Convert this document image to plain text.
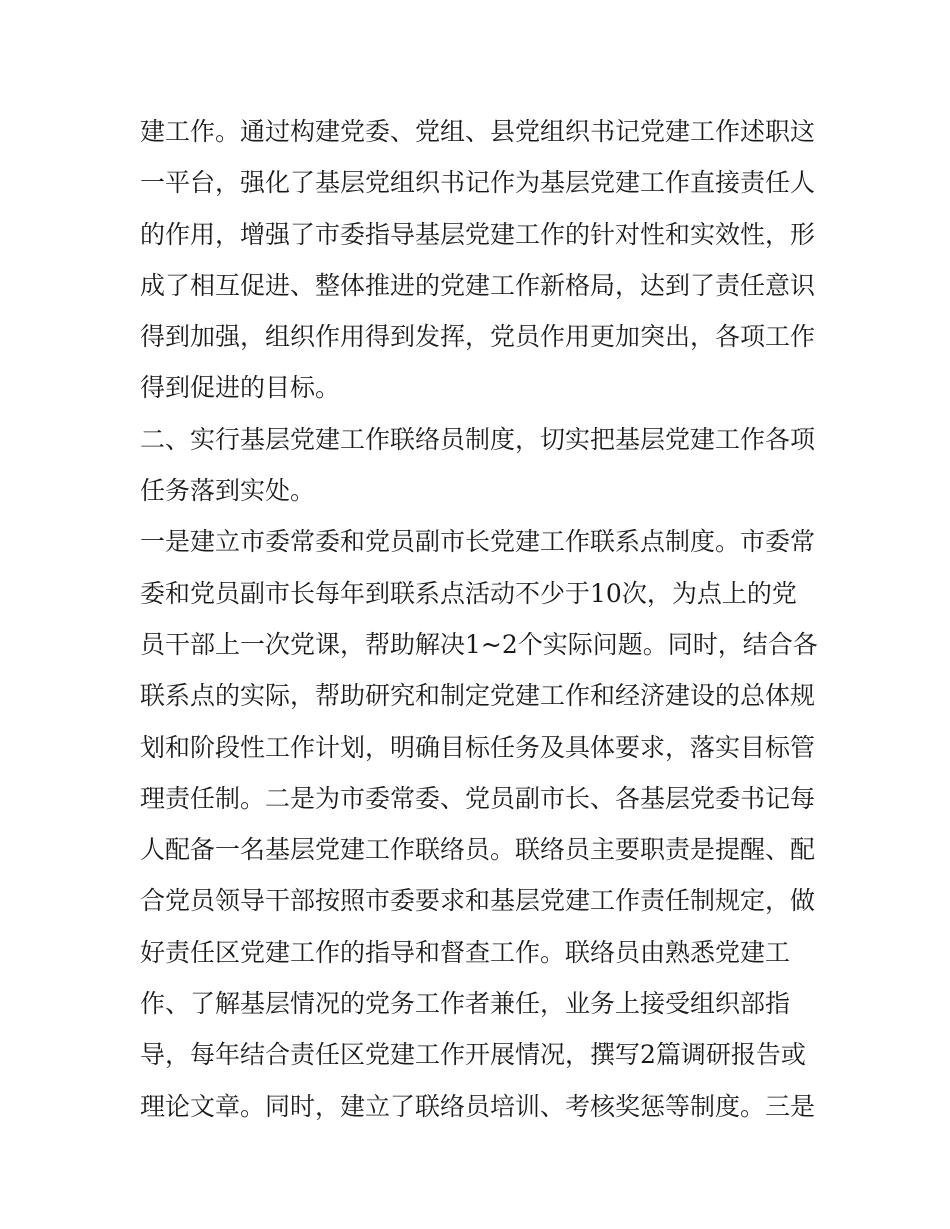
建工作。通过构建党委、党组、县党组织书记党建工作述职这
一平台，强化了基层党组织书记作为基层党建工作直接责任人
的作用，增强了市委指导基层党建工作的针对性和实效性，形
成了相互促进、整体推进的党建工作新格局，达到了责任意识
得到加强，组织作用得到发挥，党员作用更加突出，各项工作
得到促进的目标。
二、实行基层党建工作联络员制度，切实把基层党建工作各项
任务落到实处。
一是建立市委常委和党员副市长党建工作联系点制度。市委常
委和党员副市长每年到联系点活动不少于10次，为点上的党
员干部上一次党课，帮助解决1~2个实际问题。同时，结合各
联系点的实际，帮助研究和制定党建工作和经济建设的总体规
划和阶段性工作计划，明确目标任务及具体要求，落实目标管
理责任制。二是为市委常委、党员副市长、各基层党委书记每
人配备一名基层党建工作联络员。联络员主要职责是提醒、配
合党员领导干部按照市委要求和基层党建工作责任制规定，做
好责任区党建工作的指导和督查工作。联络员由熟悉党建工
作、了解基层情况的党务工作者兼任，业务上接受组织部指
导，每年结合责任区党建工作开展情况，撰写2篇调研报告或
理论文章。同时，建立了联络员培训、考核奖惩等制度。三是
